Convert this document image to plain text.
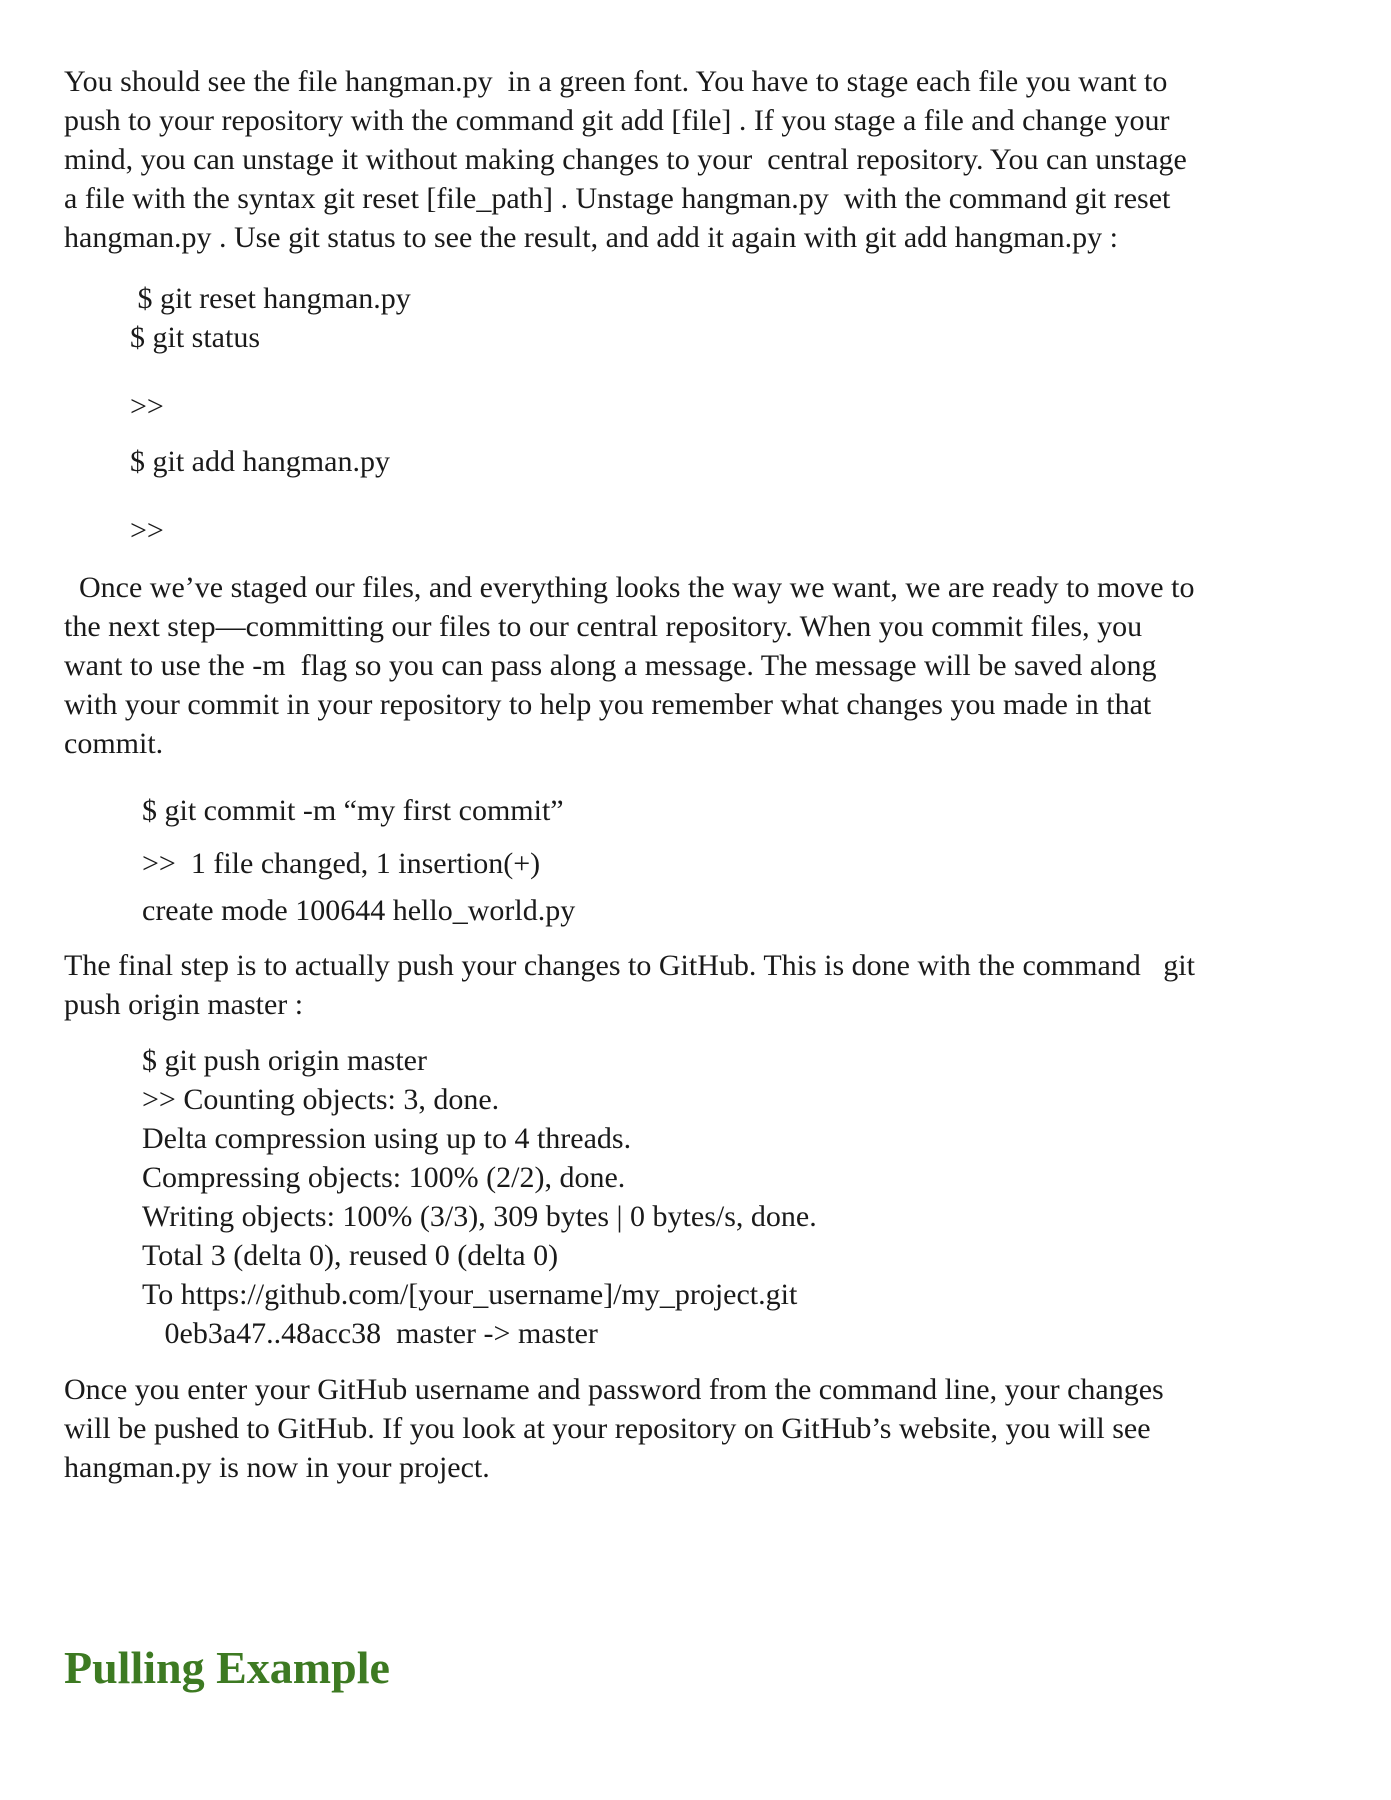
You should see the file hangman.py  in a green font. You have to stage each file you want to
push to your repository with the command git add [file] . If you stage a file and change your
mind, you can unstage it without making changes to your  central repository. You can unstage
a file with the syntax git reset [file_path] . Unstage hangman.py  with the command git reset
hangman.py . Use git status to see the result, and add it again with git add hangman.py :

$ git reset hangman.py
$ git status
>>
$ git add hangman.py
>>

Once we’ve staged our files, and everything looks the way we want, we are ready to move to
the next step—committing our files to our central repository. When you commit files, you
want to use the -m  flag so you can pass along a message. The message will be saved along
with your commit in your repository to help you remember what changes you made in that
commit.

$ git commit -m “my first commit”
>>  1 file changed, 1 insertion(+)
create mode 100644 hello_world.py

The final step is to actually push your changes to GitHub. This is done with the command   git
push origin master :

$ git push origin master
>> Counting objects: 3, done.
Delta compression using up to 4 threads.
Compressing objects: 100% (2/2), done.
Writing objects: 100% (3/3), 309 bytes | 0 bytes/s, done.
Total 3 (delta 0), reused 0 (delta 0)
To https://github.com/[your_username]/my_project.git
0eb3a47..48acc38  master -> master

Once you enter your GitHub username and password from the command line, your changes
will be pushed to GitHub. If you look at your repository on GitHub’s website, you will see
hangman.py is now in your project.

Pulling Example
